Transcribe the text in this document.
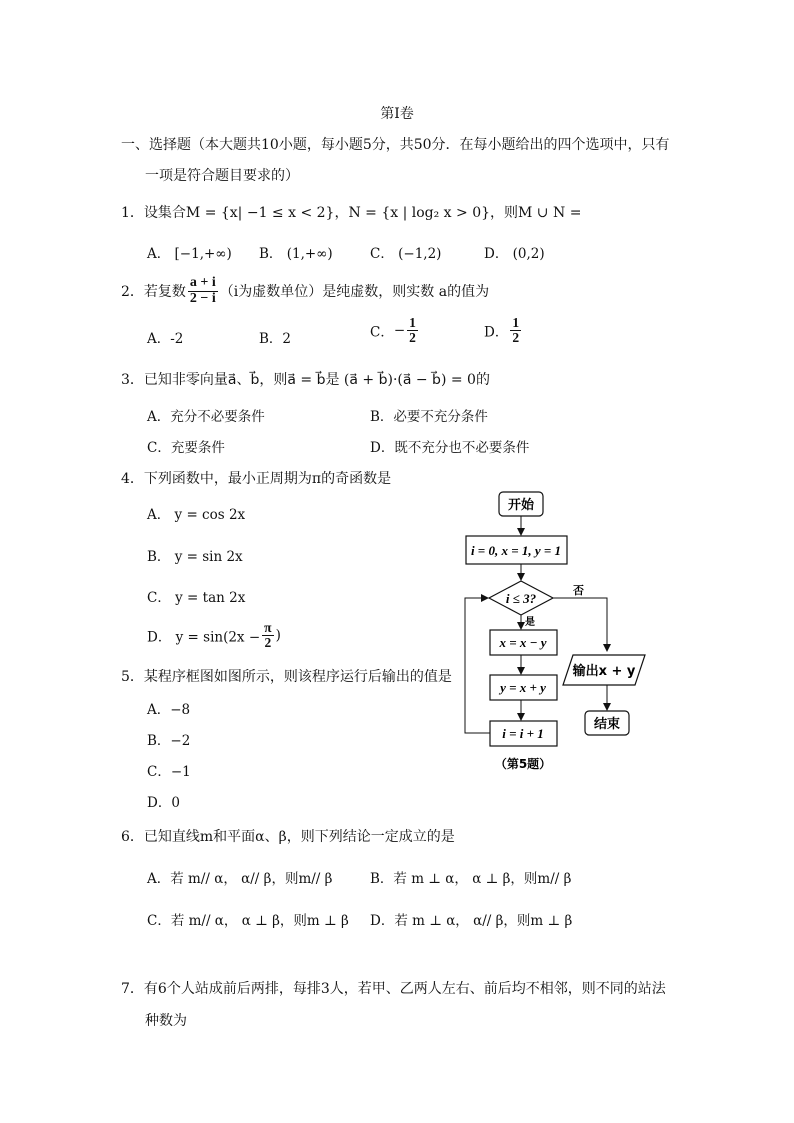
第Ⅰ卷
一、选择题（本大题共10小题，每小题5分，共50分．在每小题给出的四个选项中，只有
一项是符合题目要求的）
1．设集合M = {x| −1 ≤ x < 2}，N = {x | log₂ x > 0}，则M ∪ N =
A． [−1,+∞) B． (1,+∞)	C． (−1,2)	D． (0,2)
2．若复数 $\frac{a + i}{2 - i} (i$为虚数单位）是纯虚数，则实数 a的值为
A．-2	B．2	C．− $\frac{1}{2}$	D． $\frac{1}{2}$
3．已知非零向量a⃗、b⃗，则a⃗ = b⃗是 (a⃗ + b⃗)·(a⃗ − b⃗) = 0的
A．充分不必要条件	B．必要不充分条件
C．充要条件	D．既不充分也不必要条件
4．下列函数中，最小正周期为π的奇函数是
A． y = cos 2x
B． y = sin 2x
C． y = tan 2x
D． $y = \sin(2x - \frac{\pi}{2}$ )
5．某程序框图如图所示，则该程序运行后输出的值是
A．−8
B．−2
C．−1
D．0
开始
i = 0, x = 1, y = 1
i ≤ 3?
否
输出x + y
结束
是
x = x − y
y = x + y
i = i + 1
（第5题）
6．已知直线m和平面α、β，则下列结论一定成立的是
A．若 m// α， α// β，则m// β	B．若 m ⊥ α， α ⊥ β，则m// β
C．若 m// α， α ⊥ β，则m ⊥ β D．若 m ⊥ α， α// β，则m ⊥ β
7．有6个人站成前后两排，每排3人，若甲、乙两人左右、前后均不相邻，则不同的站法
种数为
